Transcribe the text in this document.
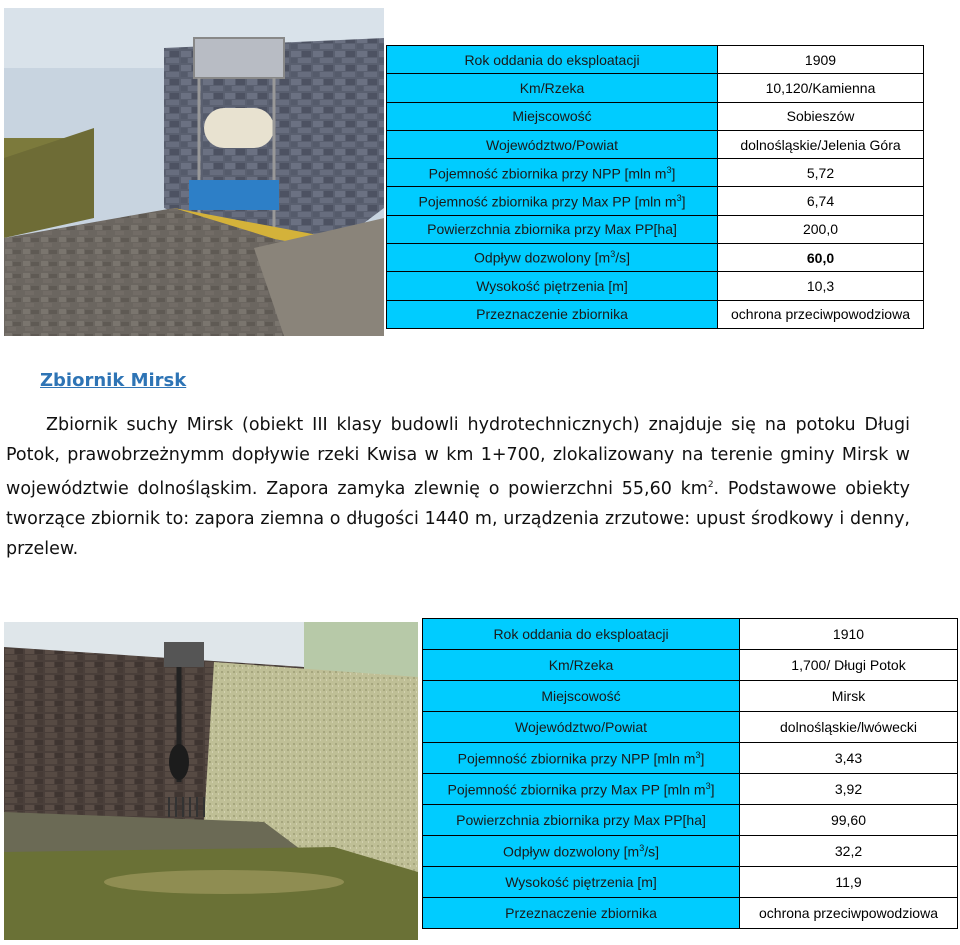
Rok oddania do eksploatacji	1909
Km/Rzeka	10,120/Kamienna
Miejscowość	Sobieszów
Województwo/Powiat	dolnośląskie/Jelenia Góra
Pojemność zbiornika przy NPP [mln $m^3$]	5,72
Pojemność zbiornika przy Max PP [mln $m^3$]	6,74
Powierzchnia zbiornika przy Max PP[ha]	200,0
Odpływ dozwolony $[m^3/s]$	60,0
Wysokość piętrzenia [m]	10,3
Przeznaczenie zbiornika	ochrona przeciwpowodziowa
Zbiornik Mirsk

Zbiornik suchy Mirsk (obiekt III klasy budowli hydrotechnicznych) znajduje się na potoku Długi Potok, prawobrzeżnymm dopływie rzeki Kwisa w km 1+700, zlokalizowany na terenie gminy Mirsk w województwie dolnośląskim. Zapora zamyka zlewnię o powierzchni 55,60 $km^2$. Podstawowe obiekty tworzące zbiornik to: zapora ziemna o długości 1440 m, urządzenia zrzutowe: upust środkowy i denny, przelew.

Rok oddania do eksploatacji	1910
Km/Rzeka	1,700/ Długi Potok
Miejscowość	Mirsk
Województwo/Powiat	dolnośląskie/lwówecki
Pojemność zbiornika przy NPP [mln $m^3$]	3,43
Pojemność zbiornika przy Max PP [mln $m^3$]	3,92
Powierzchnia zbiornika przy Max PP[ha]	99,60
Odpływ dozwolony $[m^3/s]$	32,2
Wysokość piętrzenia [m]	11,9
Przeznaczenie zbiornika	ochrona przeciwpowodziowa
